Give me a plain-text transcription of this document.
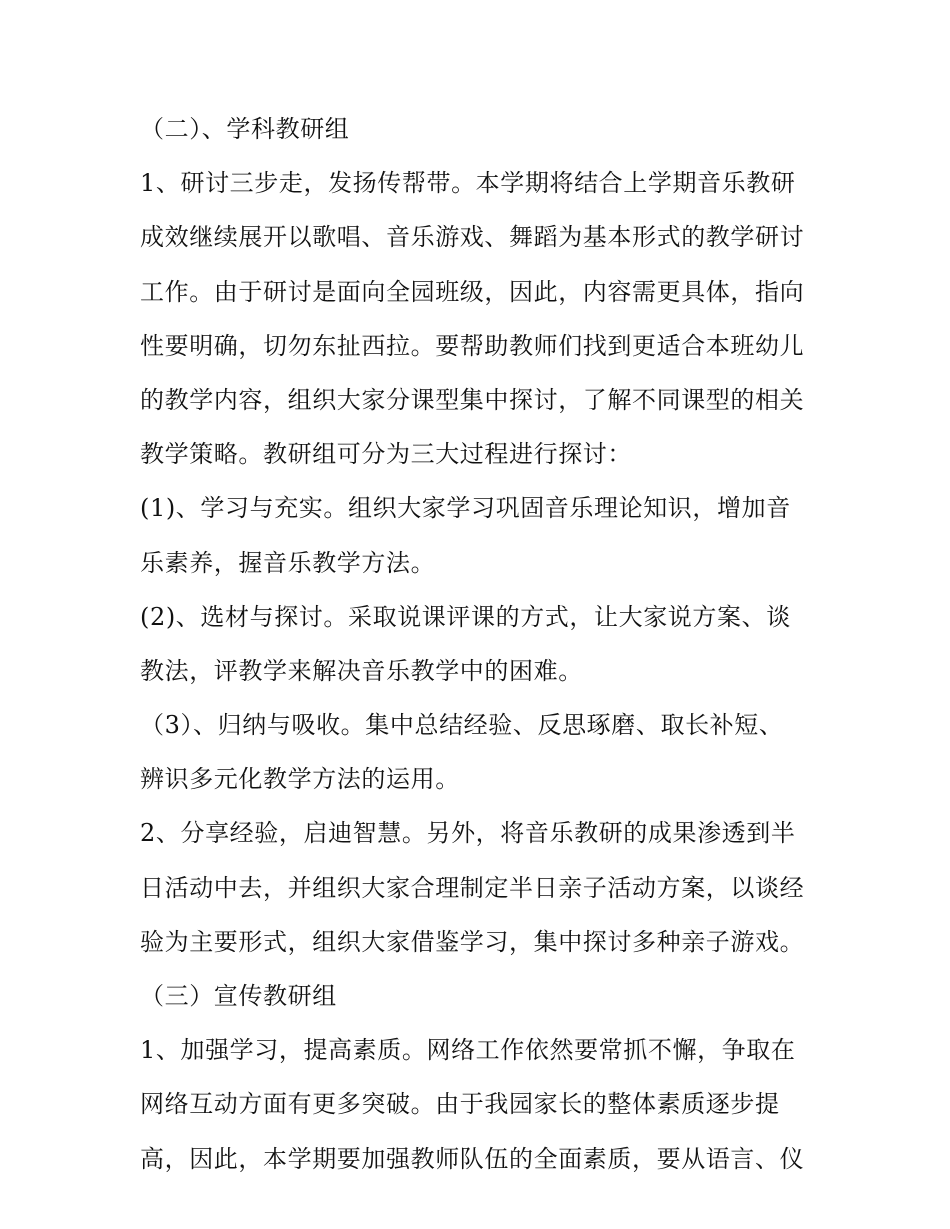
（二）、学科教研组
1、研讨三步走，发扬传帮带。本学期将结合上学期音乐教研
成效继续展开以歌唱、音乐游戏、舞蹈为基本形式的教学研讨
工作。由于研讨是面向全园班级，因此，内容需更具体，指向
性要明确，切勿东扯西拉。要帮助教师们找到更适合本班幼儿
的教学内容，组织大家分课型集中探讨，了解不同课型的相关
教学策略。教研组可分为三大过程进行探讨：
(1)、学习与充实。组织大家学习巩固音乐理论知识，增加音
乐素养，握音乐教学方法。
(2)、选材与探讨。采取说课评课的方式，让大家说方案、谈
教法，评教学来解决音乐教学中的困难。
（3）、归纳与吸收。集中总结经验、反思琢磨、取长补短、
辨识多元化教学方法的运用。
2、分享经验，启迪智慧。另外，将音乐教研的成果渗透到半
日活动中去，并组织大家合理制定半日亲子活动方案，以谈经
验为主要形式，组织大家借鉴学习，集中探讨多种亲子游戏。
（三）宣传教研组
1、加强学习，提高素质。网络工作依然要常抓不懈，争取在
网络互动方面有更多突破。由于我园家长的整体素质逐步提
高，因此，本学期要加强教师队伍的全面素质，要从语言、仪
